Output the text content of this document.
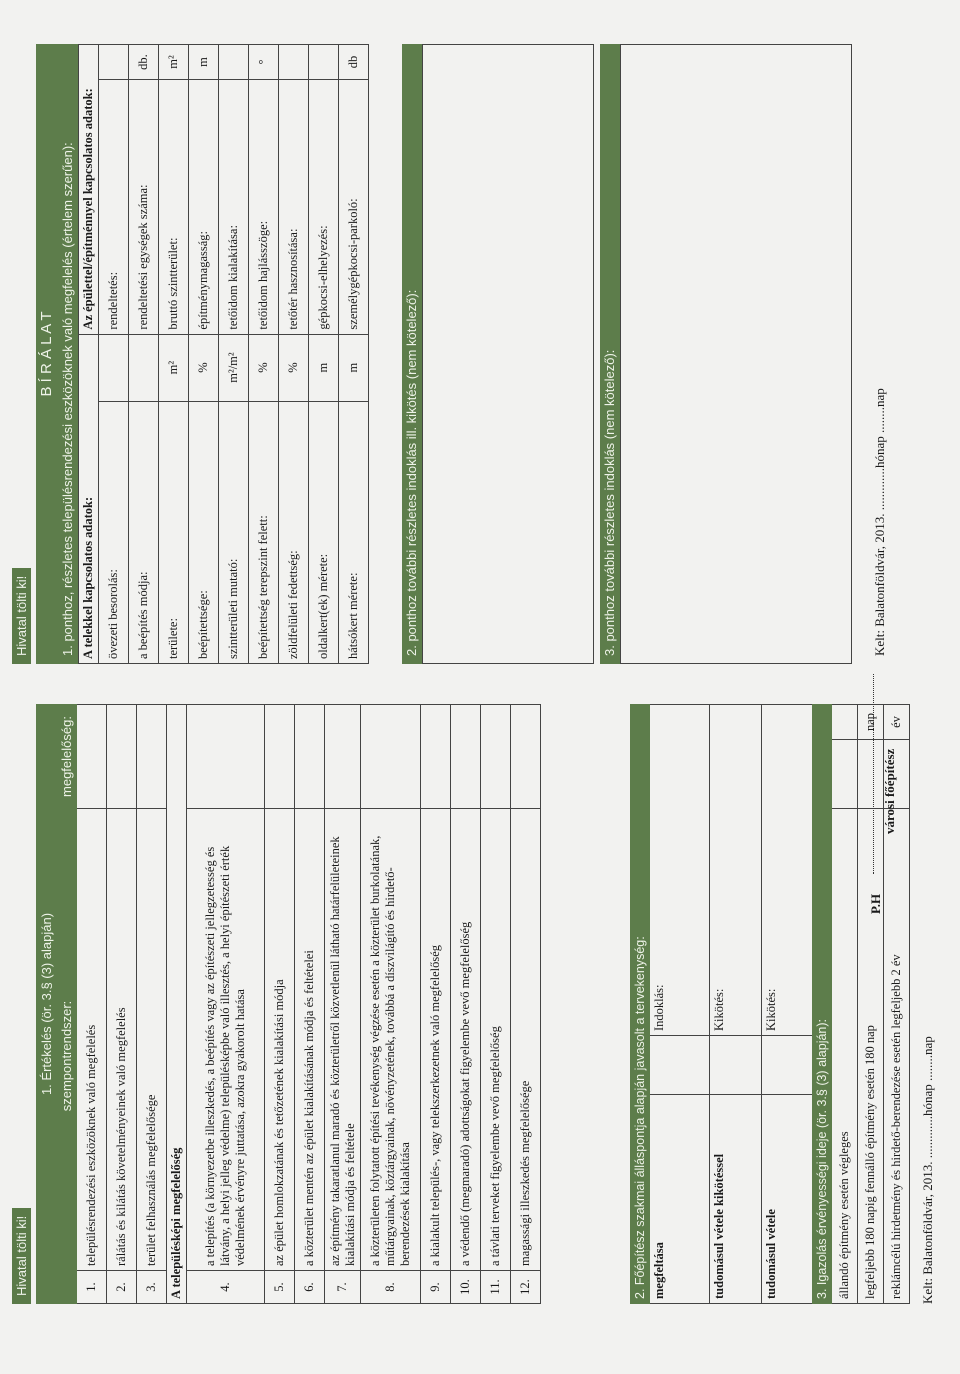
Hivatal tölti ki!
1. Értékelés (ör. 3.§ (3) alapján)		
szempontrendszer:		megfelelőség:
1.	településrendezési eszközöknek való megfelelés	
2.	rálátás és kilátás követelményeinek való megfelelés	
3.	terület felhasználás megfelelősége	
A településképi megfelelőség		
4.	a telepítés (a környezetbe illeszkedés, a beépítés vagy az építészeti jellegzetesség és látvány, a helyi jelleg védelme) településképbe való illesztés, a helyi építészeti érték védelmének érvényre juttatása, azokra gyakorolt hatása	
5.	az épület homlokzatának és tetőzetének kialakítási módja	
6.	a közterület mentén az épület kialakításának módja és feltételei	
7.	az építmény takaratlanul maradó és közterületről közvetlenül látható határfelületeinek kialakítási módja és feltétele	
8.	a közterületen folytatott építési tevékenység végzése esetén a közterület burkolatának, műtárgyainak, köztárgyainak, növényzetének, továbbá a díszvilágító és hirdető-berendezések kialakítása	
9.	a kialakult település-, vagy telekszerkezetnek való megfelelőség	
10.	a védendő (megmaradó) adottságokat figyelembe vevő megfelelőség	
11.	a távlati terveket figyelembe vevő megfelelőség	
12.	magassági illeszkedés megfelelősége		2. Főépítész szakmai álláspontja alapján javasolt a tervekenység:		
megfeltása		Indoklás:
tudomásul vétele kikötéssel		Kikötés:
tudomásul vétele		Kikötés:
3. Igazolás érvényességi ideje (ör. 3.§ (3) alapján):		
állandó építmény esetén végleges		
legfeljebb 180 napig fennálló építmény esetén 180 nap		nap
reklámcélú hirdetmény és hirdető-berendezése esetén legfeljebb 2 év		év
Kelt: Balatonföldvár, 2013. .............hónap ........nap
P.H
városi főépítész
Hivatal tölti ki!
B Í R Á L A T 1. ponthoz, részletes településrendezési eszközöknek való megfelelés (értelem szerűen): A telekkel kapcsolatos adatok:		Az épülettel/építménnyel kapcsolatos adatok:	
övezeti besorolás:		rendeltetés:	
a beépítés módja:		rendeltetési egységek száma:	db.
területe:	m²	bruttó szintterület:	m²
beépítettsége:	%	építménymagasság:	m
szintterületi mutató:	m²/m²	tetőidom kialakítása:	
beépítettség terepszint felett:	%	tetőidom hajlásszöge:	°
zöldfelületi fedettség:	%	tetőtér hasznosítása:	
oldalkert(ek) mérete:	m	gépkocsi-elhelyezés:	
hátsókert mérete:	m	személygépkocsi-parkoló:	db
2. ponthoz további részletes indoklás ill. kikötés (nem kötelező):	3. ponthoz további részletes indoklás (nem kötelező):	Kelt: Balatonföldvár, 2013. .............hónap ........nap
